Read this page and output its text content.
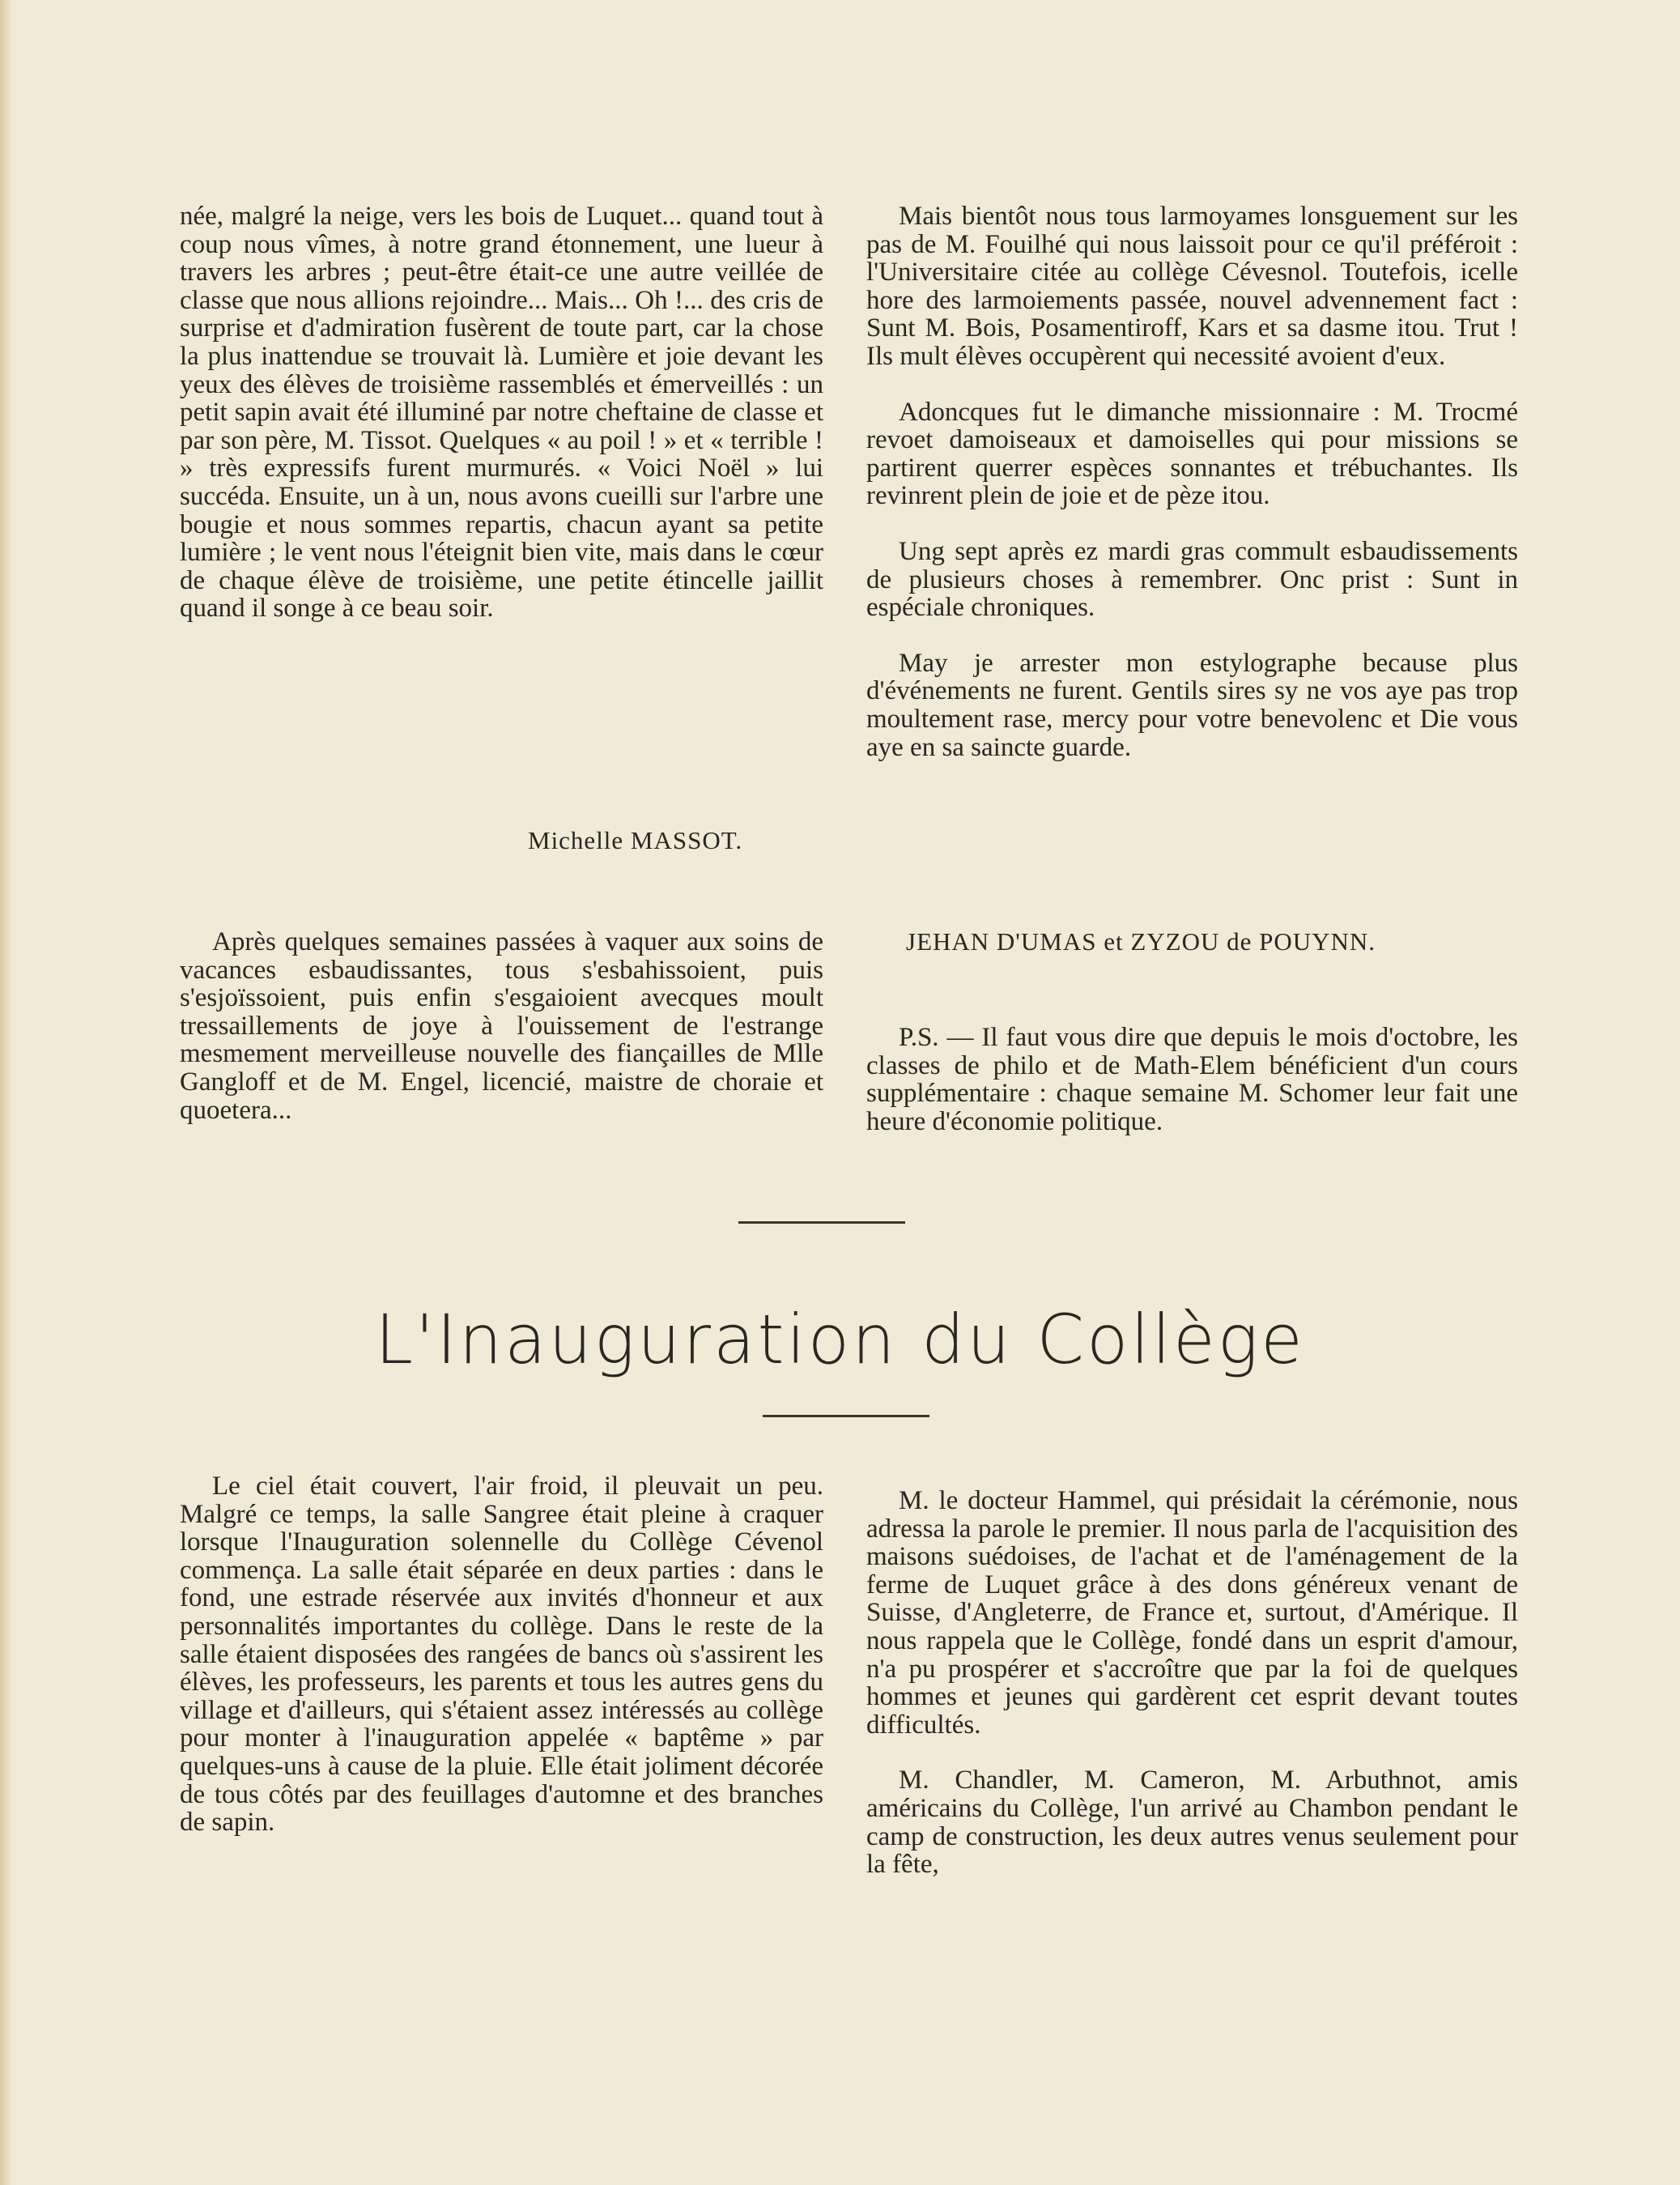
née, malgré la neige, vers les bois de Luquet... quand tout à coup nous vîmes, à notre grand étonnement, une lueur à travers les arbres ; peut-être était-ce une autre veillée de classe que nous allions rejoindre... Mais... Oh !... des cris de surprise et d'admiration fusèrent de toute part, car la chose la plus inattendue se trouvait là. Lumière et joie devant les yeux des élèves de troisième rassemblés et émerveillés : un petit sapin avait été illuminé par notre cheftaine de classe et par son père, M. Tissot. Quelques « au poil ! » et « terrible ! » très expressifs furent murmurés. « Voici Noël » lui succéda. Ensuite, un à un, nous avons cueilli sur l'arbre une bougie et nous sommes repartis, chacun ayant sa petite lumière ; le vent nous l'éteignit bien vite, mais dans le cœur de chaque élève de troisième, une petite étincelle jaillit quand il songe à ce beau soir.

Michelle MASSOT.

Après quelques semaines passées à vaquer aux soins de vacances esbaudissantes, tous s'esbahissoient, puis s'esjoïssoient, puis enfin s'esgaioient avecques moult tressaillements de joye à l'ouissement de l'estrange mesmement merveilleuse nouvelle des fiançailles de Mlle Gangloff et de M. Engel, licencié, maistre de choraie et quoetera...

Mais bientôt nous tous larmoyames lonsguement sur les pas de M. Fouilhé qui nous laissoit pour ce qu'il préféroit : l'Universitaire citée au collège Cévesnol. Toutefois, icelle hore des larmoiements passée, nouvel advennement fact : Sunt M. Bois, Posamentiroff, Kars et sa dasme itou. Trut ! Ils mult élèves occupèrent qui necessité avoient d'eux.

Adoncques fut le dimanche missionnaire : M. Trocmé revoet damoiseaux et damoiselles qui pour missions se partirent querrer espèces sonnantes et trébuchantes. Ils revinrent plein de joie et de pèze itou.

Ung sept après ez mardi gras commult esbaudissements de plusieurs choses à remembrer. Onc prist : Sunt in espéciale chroniques.

May je arrester mon estylographe because plus d'événements ne furent. Gentils sires sy ne vos aye pas trop moultement rase, mercy pour votre benevolenc et Die vous aye en sa saincte guarde.

JEHAN D'UMAS et ZYZOU de POUYNN.

P.S. — Il faut vous dire que depuis le mois d'octobre, les classes de philo et de Math-Elem bénéficient d'un cours supplémentaire : chaque semaine M. Schomer leur fait une heure d'économie politique.

L'Inauguration du Collège

Le ciel était couvert, l'air froid, il pleuvait un peu. Malgré ce temps, la salle Sangree était pleine à craquer lorsque l'Inauguration solennelle du Collège Cévenol commença. La salle était séparée en deux parties : dans le fond, une estrade réservée aux invités d'honneur et aux personnalités importantes du collège. Dans le reste de la salle étaient disposées des rangées de bancs où s'assirent les élèves, les professeurs, les parents et tous les autres gens du village et d'ailleurs, qui s'étaient assez intéressés au collège pour monter à l'inauguration appelée « baptême » par quelques-uns à cause de la pluie. Elle était joliment décorée de tous côtés par des feuillages d'automne et des branches de sapin.

M. le docteur Hammel, qui présidait la cérémonie, nous adressa la parole le premier. Il nous parla de l'acquisition des maisons suédoises, de l'achat et de l'aménagement de la ferme de Luquet grâce à des dons généreux venant de Suisse, d'Angleterre, de France et, surtout, d'Amérique. Il nous rappela que le Collège, fondé dans un esprit d'amour, n'a pu prospérer et s'accroître que par la foi de quelques hommes et jeunes qui gardèrent cet esprit devant toutes difficultés.

M. Chandler, M. Cameron, M. Arbuthnot, amis américains du Collège, l'un arrivé au Chambon pendant le camp de construction, les deux autres venus seulement pour la fête,
